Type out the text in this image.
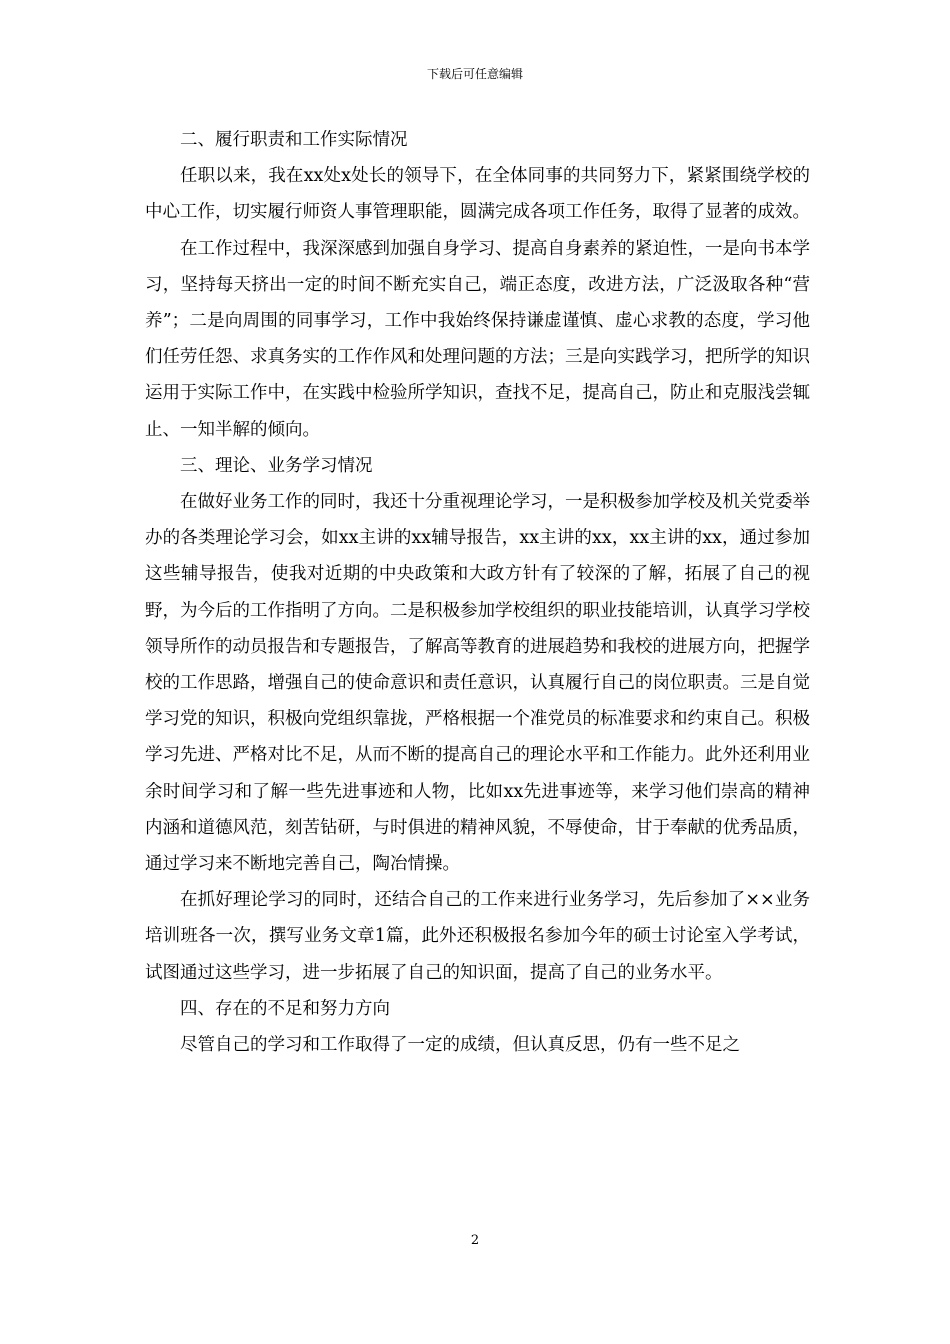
下载后可任意编辑

二、履行职责和工作实际情况

任职以来，我在xx处x处长的领导下，在全体同事的共同努力下，紧紧围绕学校的中心工作，切实履行师资人事管理职能，圆满完成各项工作任务，取得了显著的成效。

在工作过程中，我深深感到加强自身学习、提高自身素养的紧迫性，一是向书本学习，坚持每天挤出一定的时间不断充实自己，端正态度，改进方法，广泛汲取各种“营养”；二是向周围的同事学习，工作中我始终保持谦虚谨慎、虚心求教的态度，学习他们任劳任怨、求真务实的工作作风和处理问题的方法；三是向实践学习，把所学的知识运用于实际工作中，在实践中检验所学知识，查找不足，提高自己，防止和克服浅尝辄止、一知半解的倾向。

三、理论、业务学习情况

在做好业务工作的同时，我还十分重视理论学习，一是积极参加学校及机关党委举办的各类理论学习会，如xx主讲的xx辅导报告，xx主讲的xx，xx主讲的xx，通过参加这些辅导报告，使我对近期的中央政策和大政方针有了较深的了解，拓展了自己的视野，为今后的工作指明了方向。二是积极参加学校组织的职业技能培训，认真学习学校领导所作的动员报告和专题报告，了解高等教育的进展趋势和我校的进展方向，把握学校的工作思路，增强自己的使命意识和责任意识，认真履行自己的岗位职责。三是自觉学习党的知识，积极向党组织靠拢，严格根据一个准党员的标准要求和约束自己。积极学习先进、严格对比不足，从而不断的提高自己的理论水平和工作能力。此外还利用业余时间学习和了解一些先进事迹和人物，比如xx先进事迹等，来学习他们崇高的精神内涵和道德风范，刻苦钻研，与时俱进的精神风貌，不辱使命，甘于奉献的优秀品质，通过学习来不断地完善自己，陶冶情操。

在抓好理论学习的同时，还结合自己的工作来进行业务学习，先后参加了××业务培训班各一次，撰写业务文章1篇，此外还积极报名参加今年的硕士讨论室入学考试，试图通过这些学习，进一步拓展了自己的知识面，提高了自己的业务水平。

四、存在的不足和努力方向

尽管自己的学习和工作取得了一定的成绩，但认真反思，仍有一些不足之

2
